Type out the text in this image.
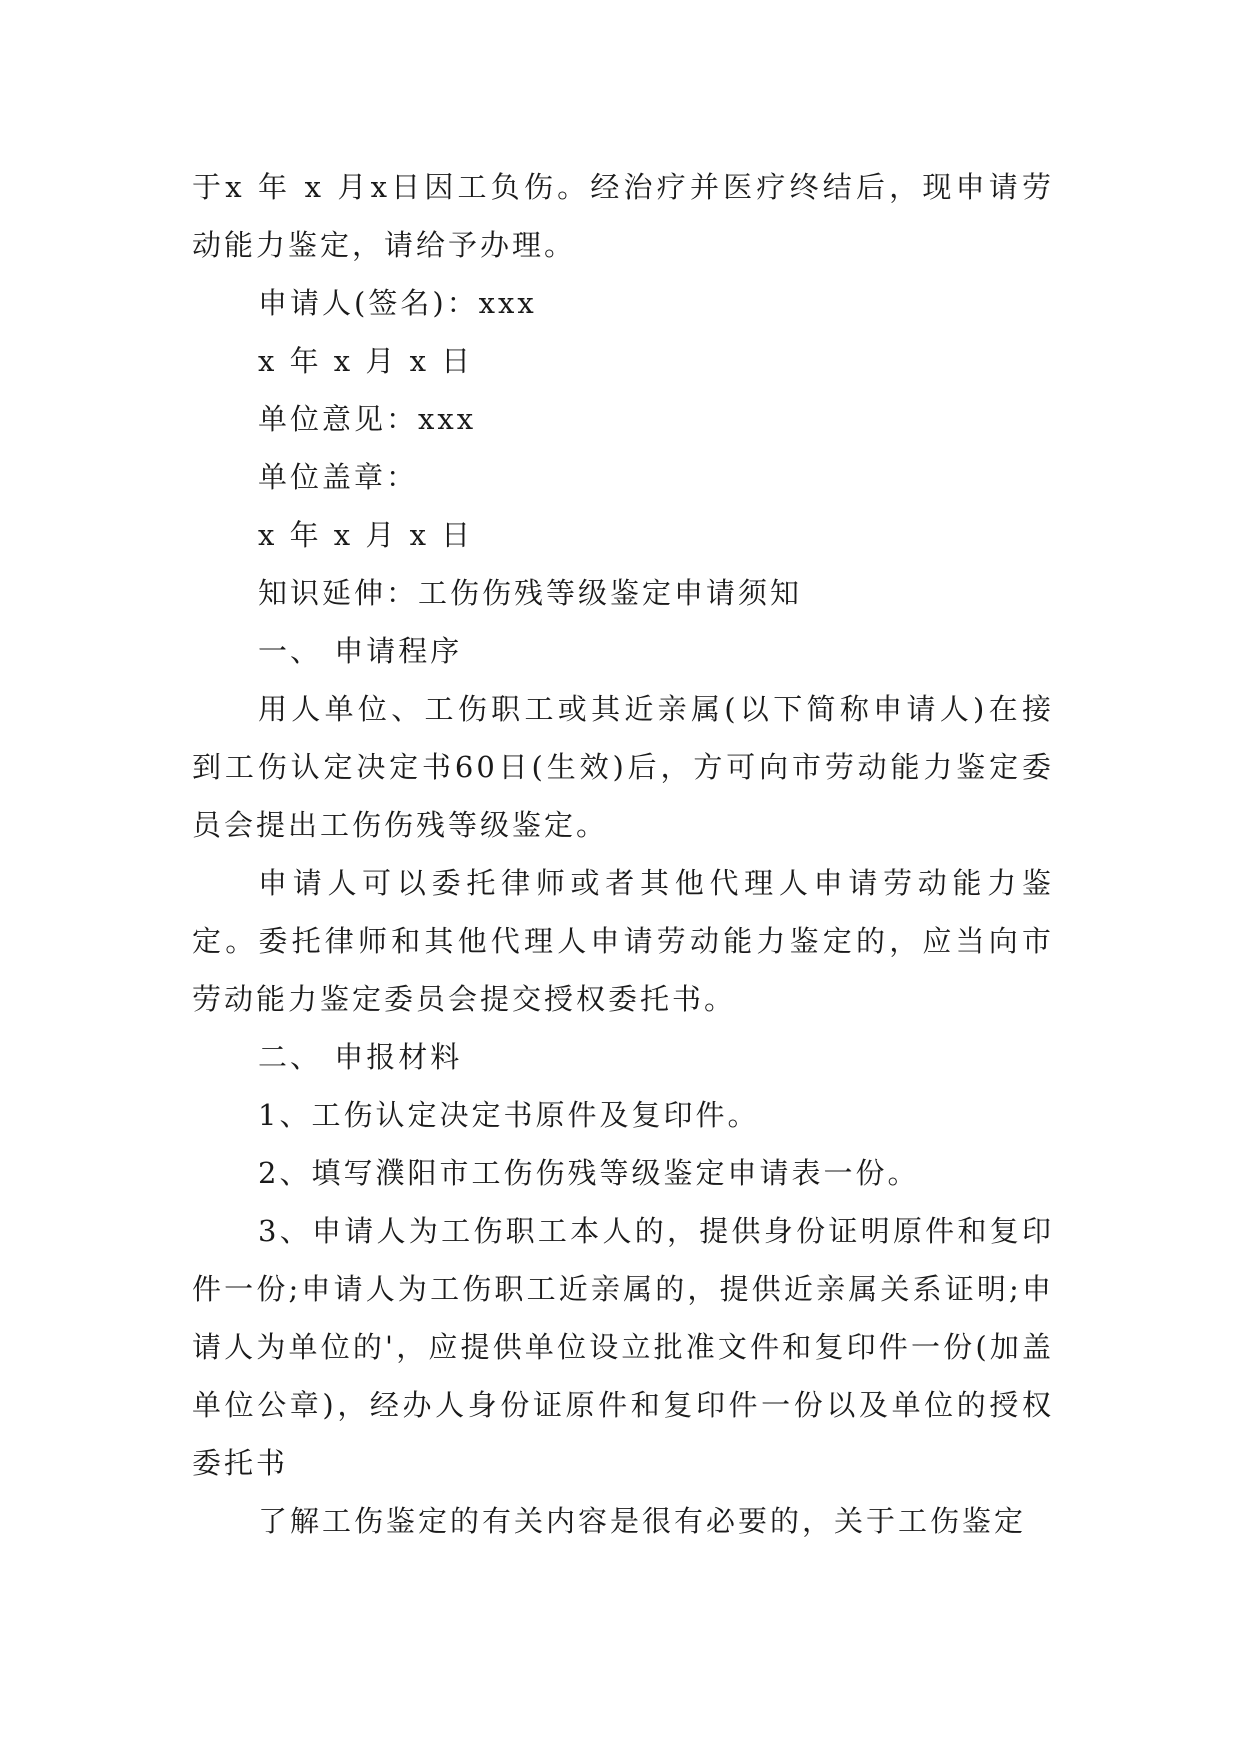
于x 年 x 月x日因工负伤。经治疗并医疗终结后，现申请劳动能力鉴定，请给予办理。

申请人(签名)：xxx

x 年 x 月 x 日

单位意见：xxx

单位盖章：

x 年 x 月 x 日

知识延伸：工伤伤残等级鉴定申请须知

一、 申请程序

用人单位、工伤职工或其近亲属(以下简称申请人)在接到工伤认定决定书60日(生效)后，方可向市劳动能力鉴定委员会提出工伤伤残等级鉴定。

申请人可以委托律师或者其他代理人申请劳动能力鉴定。委托律师和其他代理人申请劳动能力鉴定的，应当向市劳动能力鉴定委员会提交授权委托书。

二、 申报材料

1、工伤认定决定书原件及复印件。

2、填写濮阳市工伤伤残等级鉴定申请表一份。

3、申请人为工伤职工本人的，提供身份证明原件和复印件一份;申请人为工伤职工近亲属的，提供近亲属关系证明;申请人为单位的'，应提供单位设立批准文件和复印件一份(加盖单位公章)，经办人身份证原件和复印件一份以及单位的授权委托书

了解工伤鉴定的有关内容是很有必要的，关于工伤鉴定
